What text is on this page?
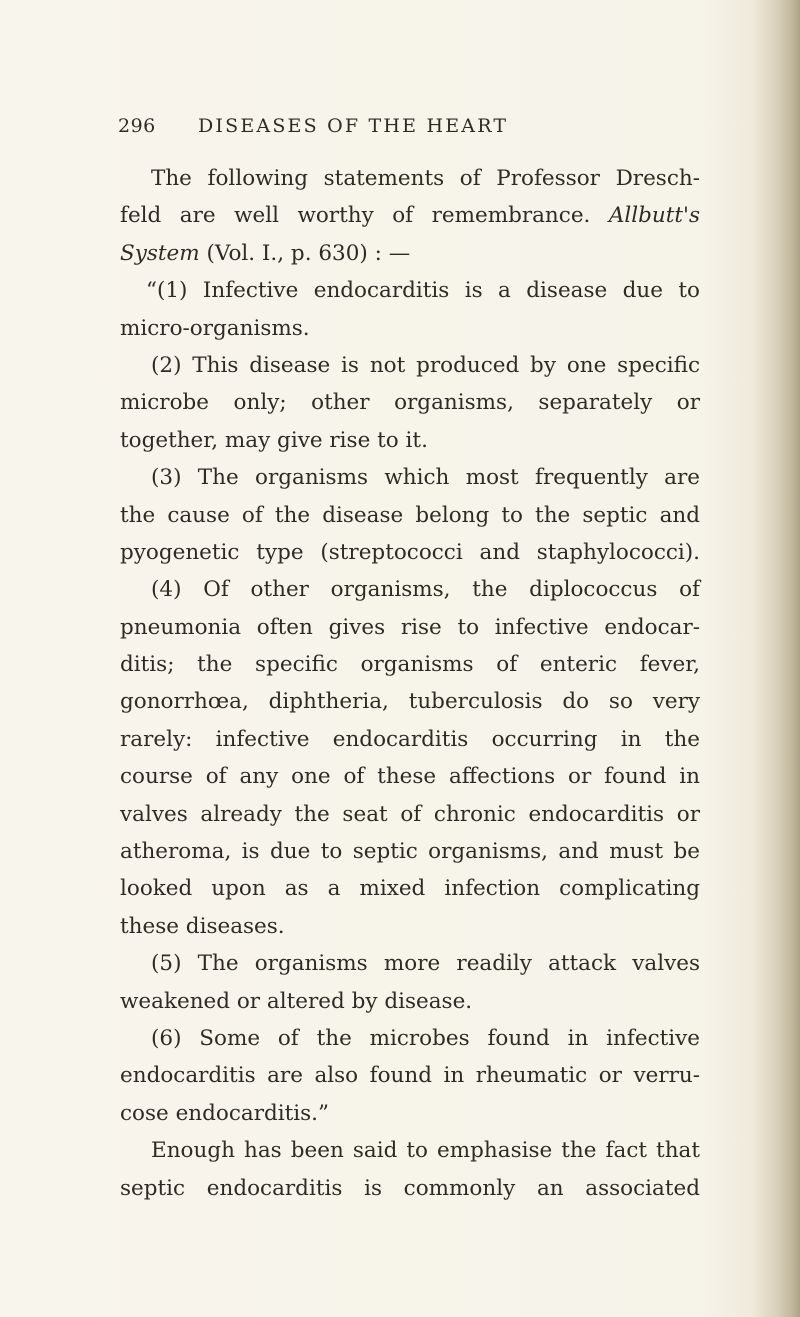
296 DISEASES OF THE HEART
The following statements of Professor Dresch-
feld are well worthy of remembrance. Allbutt's
System (Vol. I., p. 630) : —
“(1) Infective endocarditis is a disease due to
micro-organisms.
(2) This disease is not produced by one specific
microbe only; other organisms, separately or
together, may give rise to it.
(3) The organisms which most frequently are
the cause of the disease belong to the septic and
pyogenetic type (streptococci and staphylococci).
(4) Of other organisms, the diplococcus of
pneumonia often gives rise to infective endocar-
ditis; the specific organisms of enteric fever,
gonorrhœa, diphtheria, tuberculosis do so very
rarely: infective endocarditis occurring in the
course of any one of these affections or found in
valves already the seat of chronic endocarditis or
atheroma, is due to septic organisms, and must be
looked upon as a mixed infection complicating
these diseases.
(5) The organisms more readily attack valves
weakened or altered by disease.
(6) Some of the microbes found in infective
endocarditis are also found in rheumatic or verru-
cose endocarditis.”
Enough has been said to emphasise the fact that
septic endocarditis is commonly an associated
